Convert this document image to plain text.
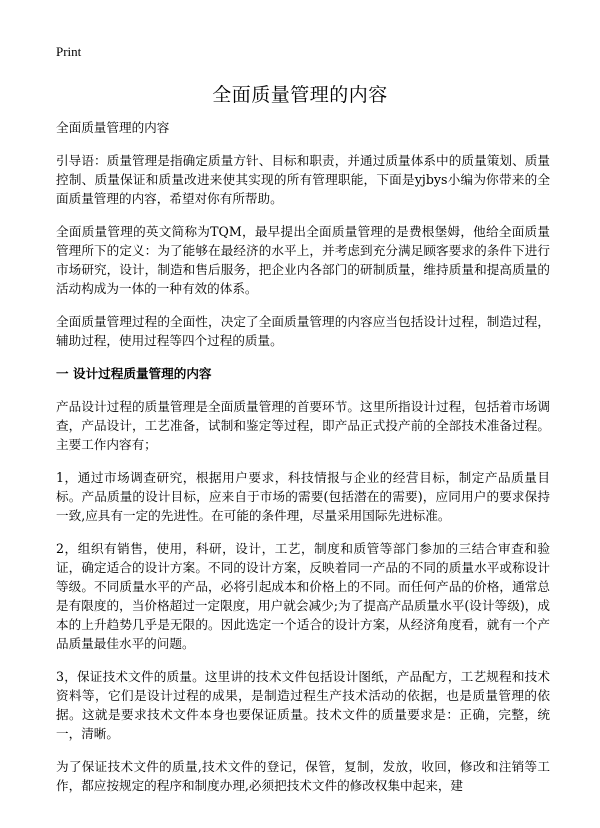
Print
全面质量管理的内容

全面质量管理的内容

引导语：质量管理是指确定质量方针、目标和职责，并通过质量体系中的质量策划、质量控制、质量保证和质量改进来使其实现的所有管理职能，下面是yjbys小编为你带来的全面质量管理的内容，希望对你有所帮助。

全面质量管理的英文简称为TQM，最早提出全面质量管理的是费根堡姆，他给全面质量管理所下的定义：为了能够在最经济的水平上，并考虑到充分满足顾客要求的条件下进行市场研究，设计，制造和售后服务，把企业内各部门的研制质量，维持质量和提高质量的活动构成为一体的一种有效的体系。

全面质量管理过程的全面性，决定了全面质量管理的内容应当包括设计过程，制造过程，辅助过程，使用过程等四个过程的质量。

一 设计过程质量管理的内容

产品设计过程的质量管理是全面质量管理的首要环节。这里所指设计过程，包括着市场调查，产品设计，工艺准备，试制和鉴定等过程，即产品正式投产前的全部技术准备过程。主要工作内容有；

1，通过市场调查研究，根据用户要求，科技情报与企业的经营目标，制定产品质量目标。产品质量的设计目标，应来自于市场的需要(包括潜在的需要)，应同用户的要求保持一致,应具有一定的先进性。在可能的条件理，尽量采用国际先进标准。

2，组织有销售，使用，科研，设计，工艺，制度和质管等部门参加的三结合审查和验证，确定适合的设计方案。不同的设计方案，反映着同一产品的不同的质量水平或称设计等级。不同质量水平的产品，必将引起成本和价格上的不同。而任何产品的价格，通常总是有限度的，当价格超过一定限度，用户就会减少;为了提高产品质量水平(设计等级)，成本的上升趋势几乎是无限的。因此选定一个适合的设计方案，从经济角度看，就有一个产品质量最佳水平的问题。

3，保证技术文件的质量。这里讲的技术文件包括设计图纸，产品配方，工艺规程和技术资料等，它们是设计过程的成果，是制造过程生产技术活动的依据，也是质量管理的依据。这就是要求技术文件本身也要保证质量。技术文件的质量要求是：正确，完整，统一，清晰。

为了保证技术文件的质量,技术文件的登记，保管，复制，发放，收回，修改和注销等工作，都应按规定的程序和制度办理,必须把技术文件的修改权集中起来，建
